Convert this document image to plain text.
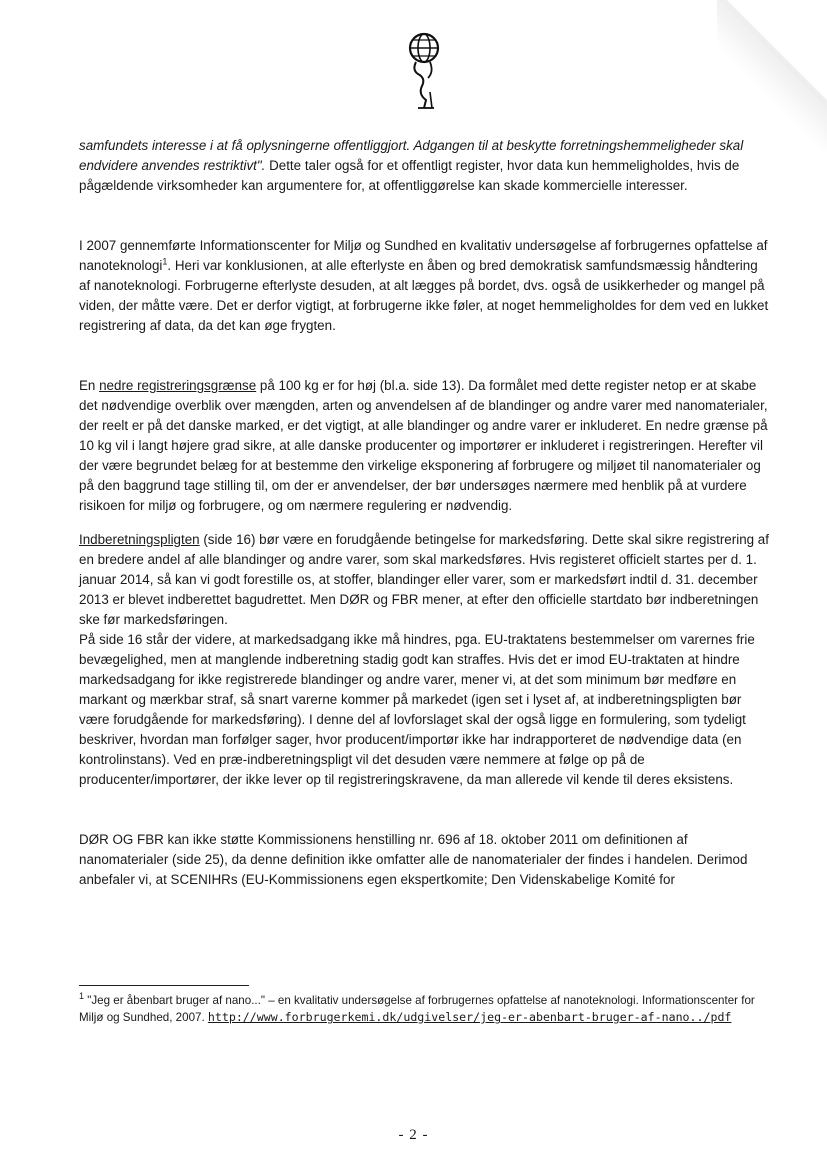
samfundets interesse i at få oplysningerne offentliggjort. Adgangen til at beskytte forretningshemmeligheder skal endvidere anvendes restriktivt". Dette taler også for et offentligt register, hvor data kun hemmeligholdes, hvis de pågældende virksomheder kan argumentere for, at offentliggørelse kan skade kommercielle interesser.

I 2007 gennemførte Informationscenter for Miljø og Sundhed en kvalitativ undersøgelse af forbrugernes opfattelse af nanoteknologi$^1$. Heri var konklusionen, at alle efterlyste en åben og bred demokratisk samfundsmæssig håndtering af nanoteknologi. Forbrugerne efterlyste desuden, at alt lægges på bordet, dvs. også de usikkerheder og mangel på viden, der måtte være. Det er derfor vigtigt, at forbrugerne ikke føler, at noget hemmeligholdes for dem ved en lukket registrering af data, da det kan øge frygten.

En nedre registreringsgrænse på 100 kg er for høj (bl.a. side 13). Da formålet med dette register netop er at skabe det nødvendige overblik over mængden, arten og anvendelsen af de blandinger og andre varer med nanomaterialer, der reelt er på det danske marked, er det vigtigt, at alle blandinger og andre varer er inkluderet. En nedre grænse på 10 kg vil i langt højere grad sikre, at alle danske producenter og importører er inkluderet i registreringen. Herefter vil der være begrundet belæg for at bestemme den virkelige eksponering af forbrugere og miljøet til nanomaterialer og på den baggrund tage stilling til, om der er anvendelser, der bør undersøges nærmere med henblik på at vurdere risikoen for miljø og forbrugere, og om nærmere regulering er nødvendig.

Indberetningspligten (side 16) bør være en forudgående betingelse for markedsføring. Dette skal sikre registrering af en bredere andel af alle blandinger og andre varer, som skal markedsføres. Hvis registeret officielt startes per d. 1. januar 2014, så kan vi godt forestille os, at stoffer, blandinger eller varer, som er markedsført indtil d. 31. december 2013 er blevet indberettet bagudrettet. Men DØR og FBR mener, at efter den officielle startdato bør indberetningen ske før markedsføringen.

På side 16 står der videre, at markedsadgang ikke må hindres, pga. EU-traktatens bestemmelser om varernes frie bevægelighed, men at manglende indberetning stadig godt kan straffes. Hvis det er imod EU-traktaten at hindre markedsadgang for ikke registrerede blandinger og andre varer, mener vi, at det som minimum bør medføre en markant og mærkbar straf, så snart varerne kommer på markedet (igen set i lyset af, at indberetningspligten bør være forudgående for markedsføring). I denne del af lovforslaget skal der også ligge en formulering, som tydeligt beskriver, hvordan man forfølger sager, hvor producent/importør ikke har indrapporteret de nødvendige data (en kontrolinstans). Ved en præ-indberetningspligt vil det desuden være nemmere at følge op på de producenter/importører, der ikke lever op til registreringskravene, da man allerede vil kende til deres eksistens.

DØR OG FBR kan ikke støtte Kommissionens henstilling nr. 696 af 18. oktober 2011 om definitionen af nanomaterialer (side 25), da denne definition ikke omfatter alle de nanomaterialer der findes i handelen. Derimod anbefaler vi, at SCENIHRs (EU-Kommissionens egen ekspertkomite; Den Videnskabelige Komité for

$^1$ "Jeg er åbenbart bruger af nano..." – en kvalitativ undersøgelse af forbrugernes opfattelse af nanoteknologi. Informationscenter for Miljø og Sundhed, 2007. http://www.forbrugerkemi.dk/udgivelser/jeg-er-abenbart-bruger-af-nano../pdf
- 2 -
